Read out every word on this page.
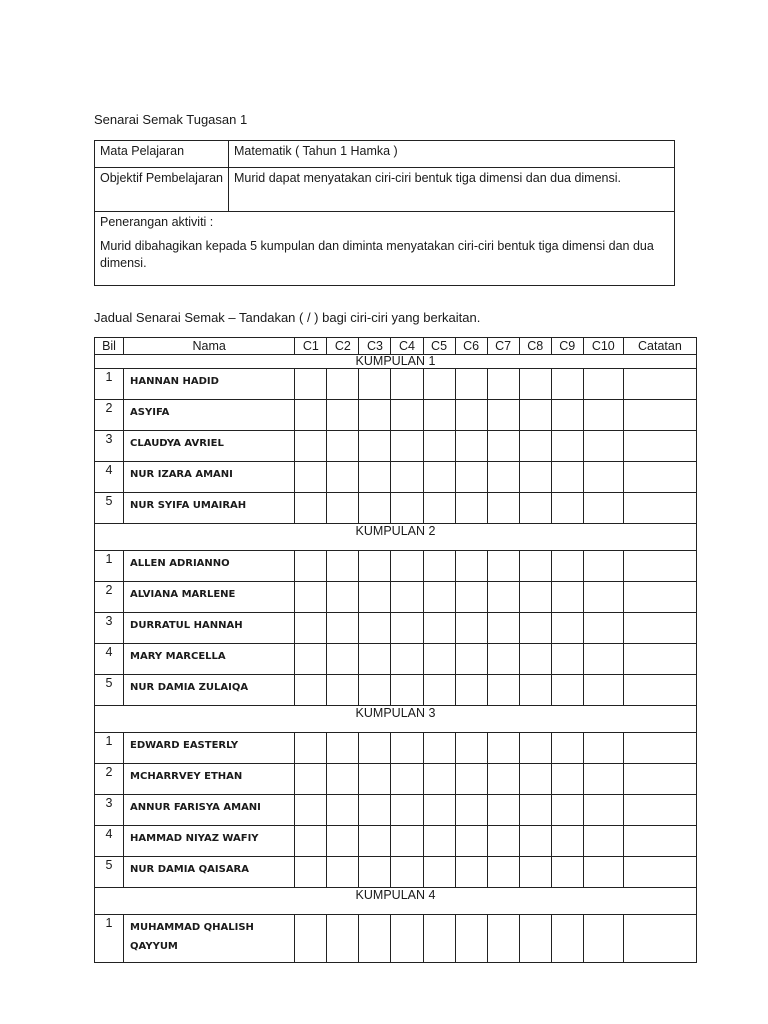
Senarai Semak Tugasan 1
Mata Pelajaran	Matematik ( Tahun 1 Hamka )
Objektif Pembelajaran	Murid dapat menyatakan ciri-ciri bentuk tiga dimensi dan dua dimensi.

Penerangan aktiviti :
Murid dibahagikan kepada 5 kumpulan dan diminta menyatakan ciri-ciri bentuk tiga dimensi dan dua dimensi.	
Jadual Senarai Semak – Tandakan ( / ) bagi ciri-ciri yang berkaitan.
Bil	Nama	C1	C2	C3	C4	C5	C6	C7	C8	C9	C10	Catatan
KUMPULAN 1												
1	HANNAN HADID											
2	ASYIFA											
3	CLAUDYA AVRIEL											
4	NUR IZARA AMANI											
5	NUR SYIFA UMAIRAH											
KUMPULAN 2												
1	ALLEN ADRIANNO											
2	ALVIANA MARLENE											
3	DURRATUL HANNAH											
4	MARY MARCELLA											
5	NUR DAMIA ZULAIQA											
KUMPULAN 3												
1	EDWARD EASTERLY											
2	MCHARRVEY ETHAN											
3	ANNUR FARISYA AMANI											
4	HAMMAD NIYAZ WAFIY											
5	NUR DAMIA QAISARA											
KUMPULAN 4												
1	MUHAMMAD QHALISH QAYYUM											
